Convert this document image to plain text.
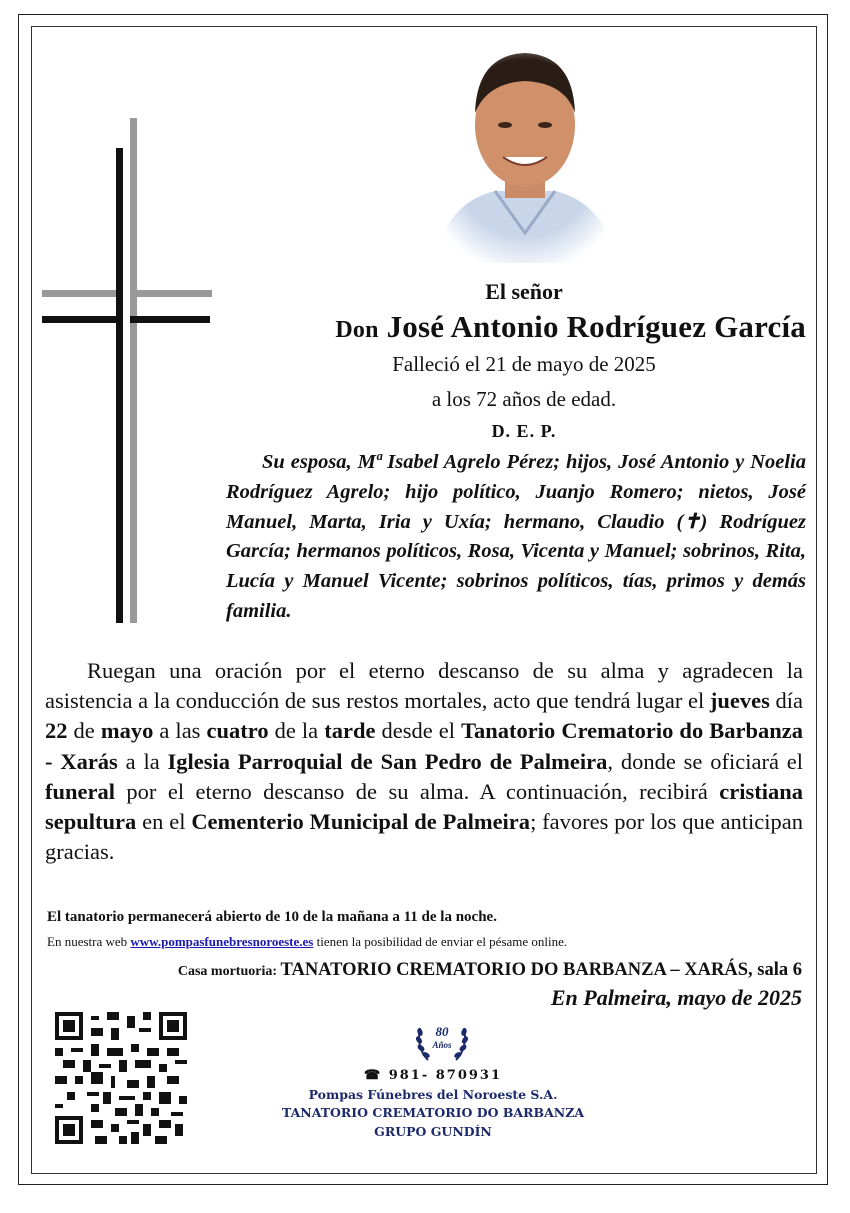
El señor
Don José Antonio Rodríguez García
Falleció el 21 de mayo de 2025
a los 72 años de edad.
D. E. P.
Su esposa, Mª Isabel Agrelo Pérez; hijos, José Antonio y Noelia Rodríguez Agrelo; hijo político, Juanjo Romero; nietos, José Manuel, Marta, Iria y Uxía; hermano, Claudio (✝) Rodríguez García; hermanos políticos, Rosa, Vicenta y Manuel; sobrinos, Rita, Lucía y Manuel Vicente; sobrinos políticos, tías, primos y demás familia.
Ruegan una oración por el eterno descanso de su alma y agradecen la asistencia a la conducción de sus restos mortales, acto que tendrá lugar el jueves día 22 de mayo a las cuatro de la tarde desde el Tanatorio Crematorio do Barbanza - Xarás a la Iglesia Parroquial de San Pedro de Palmeira, donde se oficiará el funeral por el eterno descanso de su alma. A continuación, recibirá cristiana sepultura en el Cementerio Municipal de Palmeira; favores por los que anticipan gracias.
El tanatorio permanecerá abierto de 10 de la mañana a 11 de la noche.
En nuestra web www.pompasfunebresnoroeste.es tienen la posibilidad de enviar el pésame online.
Casa mortuoria: TANATORIO CREMATORIO DO BARBANZA – XARÁS, sala 6
En Palmeira, mayo de 2025
80
Años
☎ 981- 870931
Pompas Fúnebres del Noroeste S.A.
TANATORIO CREMATORIO DO BARBANZA
GRUPO GUNDÍN
